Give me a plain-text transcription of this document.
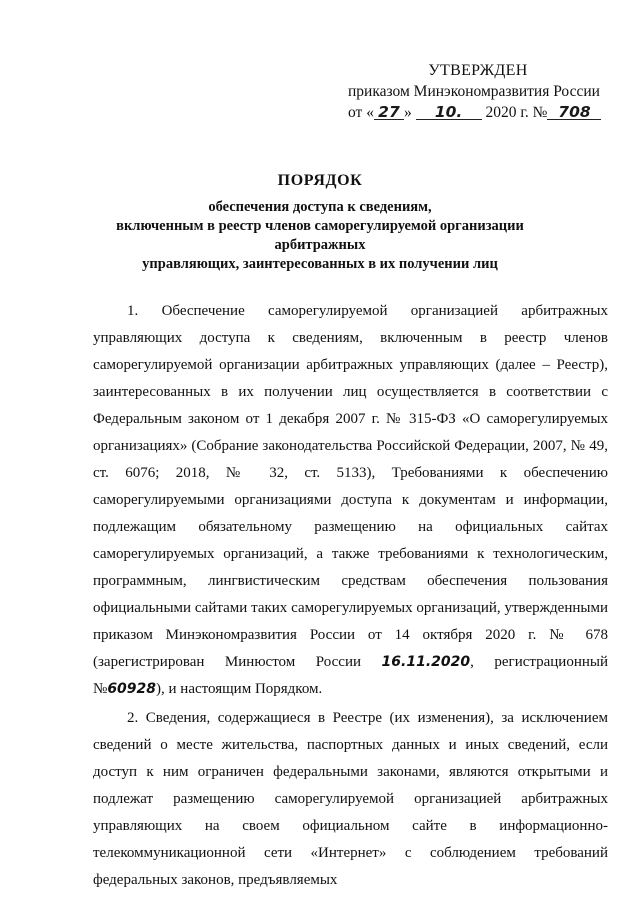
УТВЕРЖДЕН
приказом Минэкономразвития России
от « 27 » 10. 2020 г. № 708
ПОРЯДОК
обеспечения доступа к сведениям,
включенным в реестр членов саморегулируемой организации арбитражных
управляющих, заинтересованных в их получении лиц

1. Обеспечение саморегулируемой организацией арбитражных управляющих доступа к сведениям, включенным в реестр членов саморегулируемой организации арбитражных управляющих (далее – Реестр), заинтересованных в их получении лиц осуществляется в соответствии с Федеральным законом от 1 декабря 2007 г. № 315-ФЗ «О саморегулируемых организациях» (Собрание законодательства Российской Федерации, 2007, № 49, ст. 6076; 2018, № 32, ст. 5133), Требованиями к обеспечению саморегулируемыми организациями доступа к документам и информации, подлежащим обязательному размещению на официальных сайтах саморегулируемых организаций, а также требованиями к технологическим, программным, лингвистическим средствам обеспечения пользования официальными сайтами таких саморегулируемых организаций, утвержденными приказом Минэкономразвития России от 14 октября 2020 г. № 678 (зарегистрирован Минюстом России 16.11.2020, регистрационный №60928), и настоящим Порядком.

2. Сведения, содержащиеся в Реестре (их изменения), за исключением сведений о месте жительства, паспортных данных и иных сведений, если доступ к ним ограничен федеральными законами, являются открытыми и подлежат размещению саморегулируемой организацией арбитражных управляющих на своем официальном сайте в информационно-телекоммуникационной сети «Интернет» с соблюдением требований федеральных законов, предъявляемых
